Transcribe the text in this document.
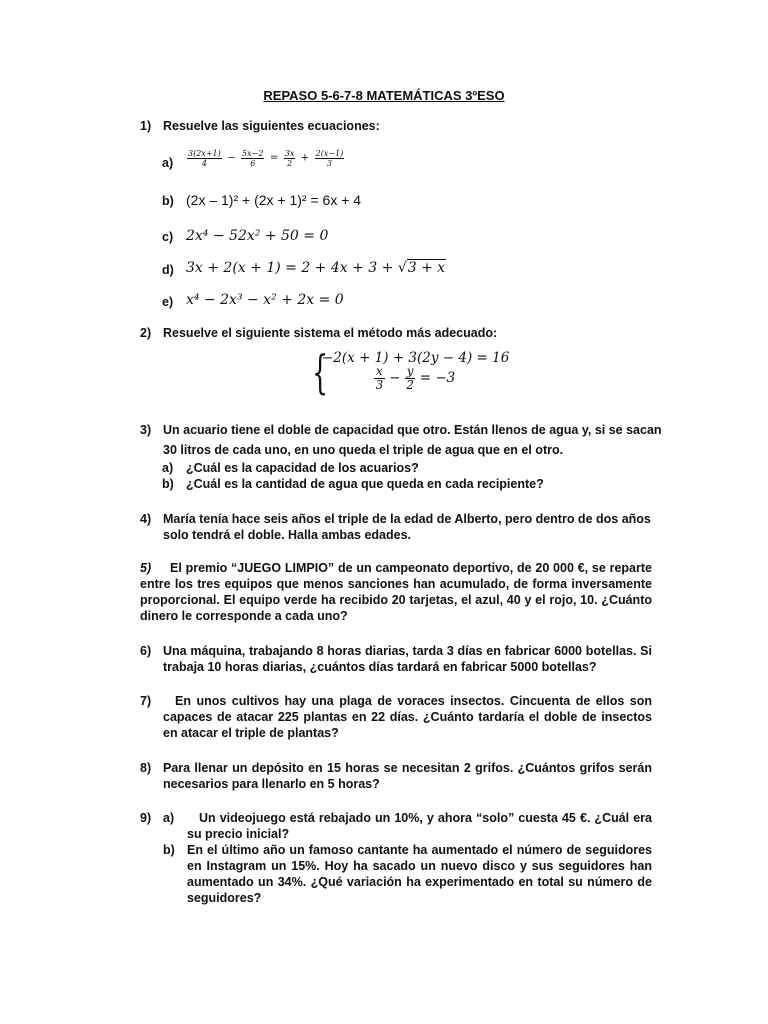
REPASO 5-6-7-8 MATEMÁTICAS 3ºESO
1) Resuelve las siguientes ecuaciones:
a)	$\frac{3(2x+1)}{4} - \frac{5x-2}{6} = \frac{3x}{2} + \frac{2(x-1)}{3}$
b) (2x – 1)² + (2x + 1)² = 6x + 4
c) 2x⁴ − 52x² + 50 = 0
d) 3x + 2(x + 1) = 2 + 4x + 3 + √3 + x
e) x⁴ − 2x³ − x² + 2x = 0
2) Resuelve el siguiente sistema el método más adecuado:
{
−2(x + 1) + 3(2y − 4) = 16
$\frac{x}{3} - \frac{y}{2} = -3$
3) Un acuario tiene el doble de capacidad que otro. Están llenos de agua y, si se sacan
30 litros de cada uno, en uno queda el triple de agua que en el otro.
a) ¿Cuál es la capacidad de los acuarios?
b) ¿Cuál es la cantidad de agua que queda en cada recipiente?
4) María tenía hace seis años el triple de la edad de Alberto, pero dentro de dos años solo tendrá el doble. Halla ambas edades.
5)	El premio “JUEGO LIMPIO” de un campeonato deportivo, de 20 000 €, se reparte entre los tres equipos que menos sanciones han acumulado, de forma inversamente proporcional. El equipo verde ha recibido 20 tarjetas, el azul, 40 y el rojo, 10. ¿Cuánto dinero le corresponde a cada uno?
6) Una máquina, trabajando 8 horas diarias, tarda 3 días en fabricar 6000 botellas. Si trabaja 10 horas diarias, ¿cuántos días tardará en fabricar 5000 botellas?
7)	En unos cultivos hay una plaga de voraces insectos. Cincuenta de ellos son capaces de atacar 225 plantas en 22 días. ¿Cuánto tardaría el doble de insectos en atacar el triple de plantas?
8) Para llenar un depósito en 15 horas se necesitan 2 grifos. ¿Cuántos grifos serán necesarios para llenarlo en 5 horas?
9) a)	Un videojuego está rebajado un 10%, y ahora “solo” cuesta 45 €. ¿Cuál era su precio inicial?
b) En el último año un famoso cantante ha aumentado el número de seguidores en Instagram un 15%. Hoy ha sacado un nuevo disco y sus seguidores han aumentado un 34%. ¿Qué variación ha experimentado en total su número de seguidores?
